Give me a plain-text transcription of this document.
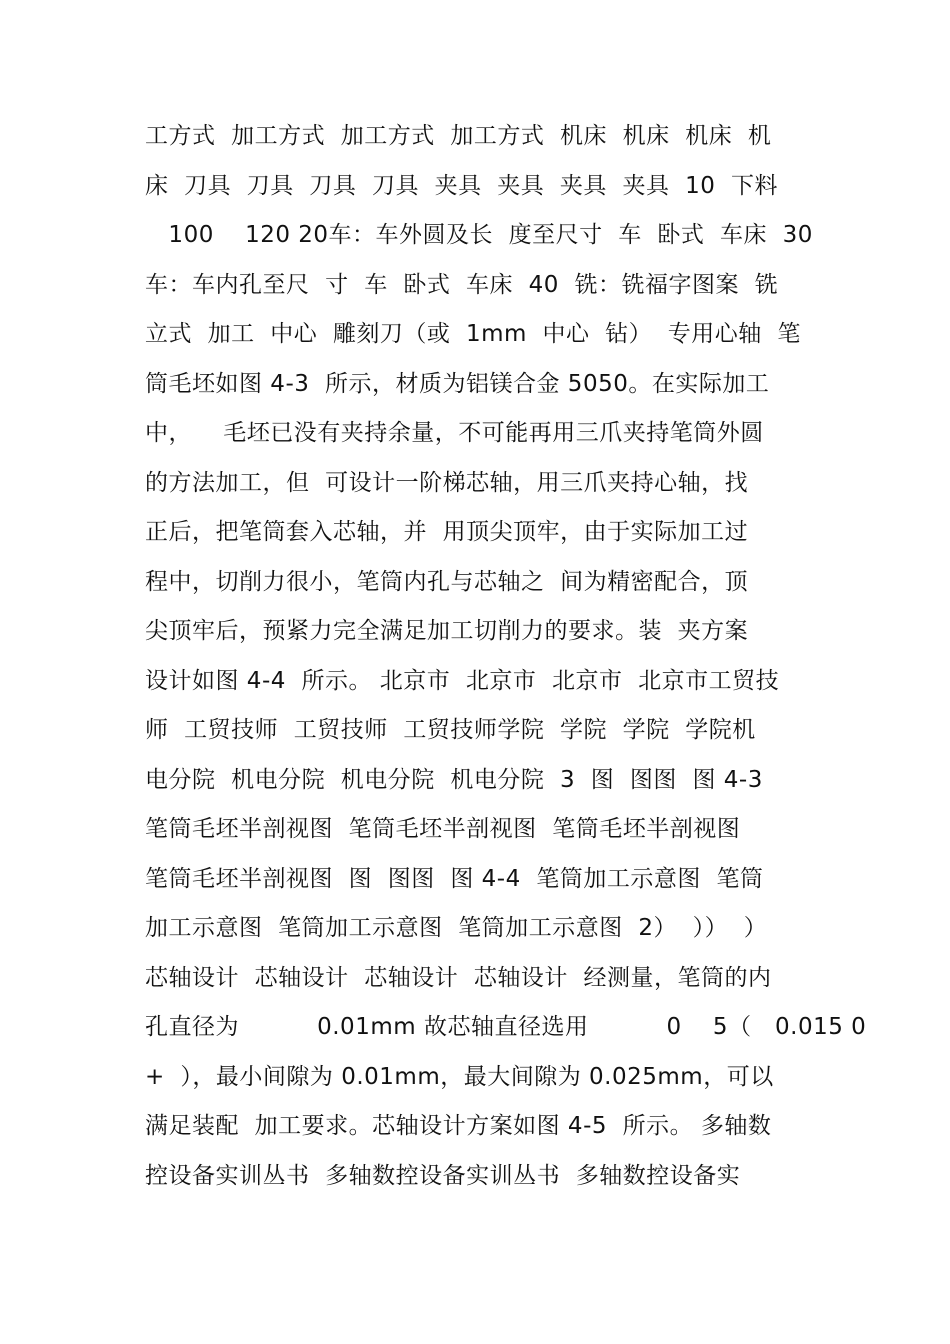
工方式  加工方式  加工方式  加工方式  机床  机床  机床  机
床  刀具  刀具  刀具  刀具  夹具  夹具  夹具  夹具  10  下料
100    120 20车：车外圆及长  度至尺寸  车  卧式  车床  30
车：车内孔至尺  寸  车  卧式  车床  40  铣：铣福字图案  铣
立式  加工  中心  雕刻刀（或  1mm  中心  钻）  专用心轴  笔
筒毛坯如图 4-3  所示，材质为铝镁合金 5050。在实际加工
中，    毛坯已没有夹持余量，不可能再用三爪夹持笔筒外圆
的方法加工，但  可设计一阶梯芯轴，用三爪夹持心轴，找
正后，把笔筒套入芯轴，并  用顶尖顶牢，由于实际加工过
程中，切削力很小，笔筒内孔与芯轴之  间为精密配合，顶
尖顶牢后，预紧力完全满足加工切削力的要求。装  夹方案
设计如图 4-4  所示。 北京市  北京市  北京市  北京市工贸技
师  工贸技师  工贸技师  工贸技师学院  学院  学院  学院机
电分院  机电分院  机电分院  机电分院  3  图  图图  图 4-3
笔筒毛坯半剖视图  笔筒毛坯半剖视图  笔筒毛坯半剖视图
笔筒毛坯半剖视图  图  图图  图 4-4  笔筒加工示意图  笔筒
加工示意图  笔筒加工示意图  笔筒加工示意图  2）  ））  ）
芯轴设计  芯轴设计  芯轴设计  芯轴设计  经测量，笔筒的内
孔直径为          0.01mm 故芯轴直径选用          0    5（   0.015 0
+  ），最小间隙为 0.01mm，最大间隙为 0.025mm，可以
满足装配  加工要求。芯轴设计方案如图 4-5  所示。 多轴数
控设备实训丛书  多轴数控设备实训丛书  多轴数控设备实
